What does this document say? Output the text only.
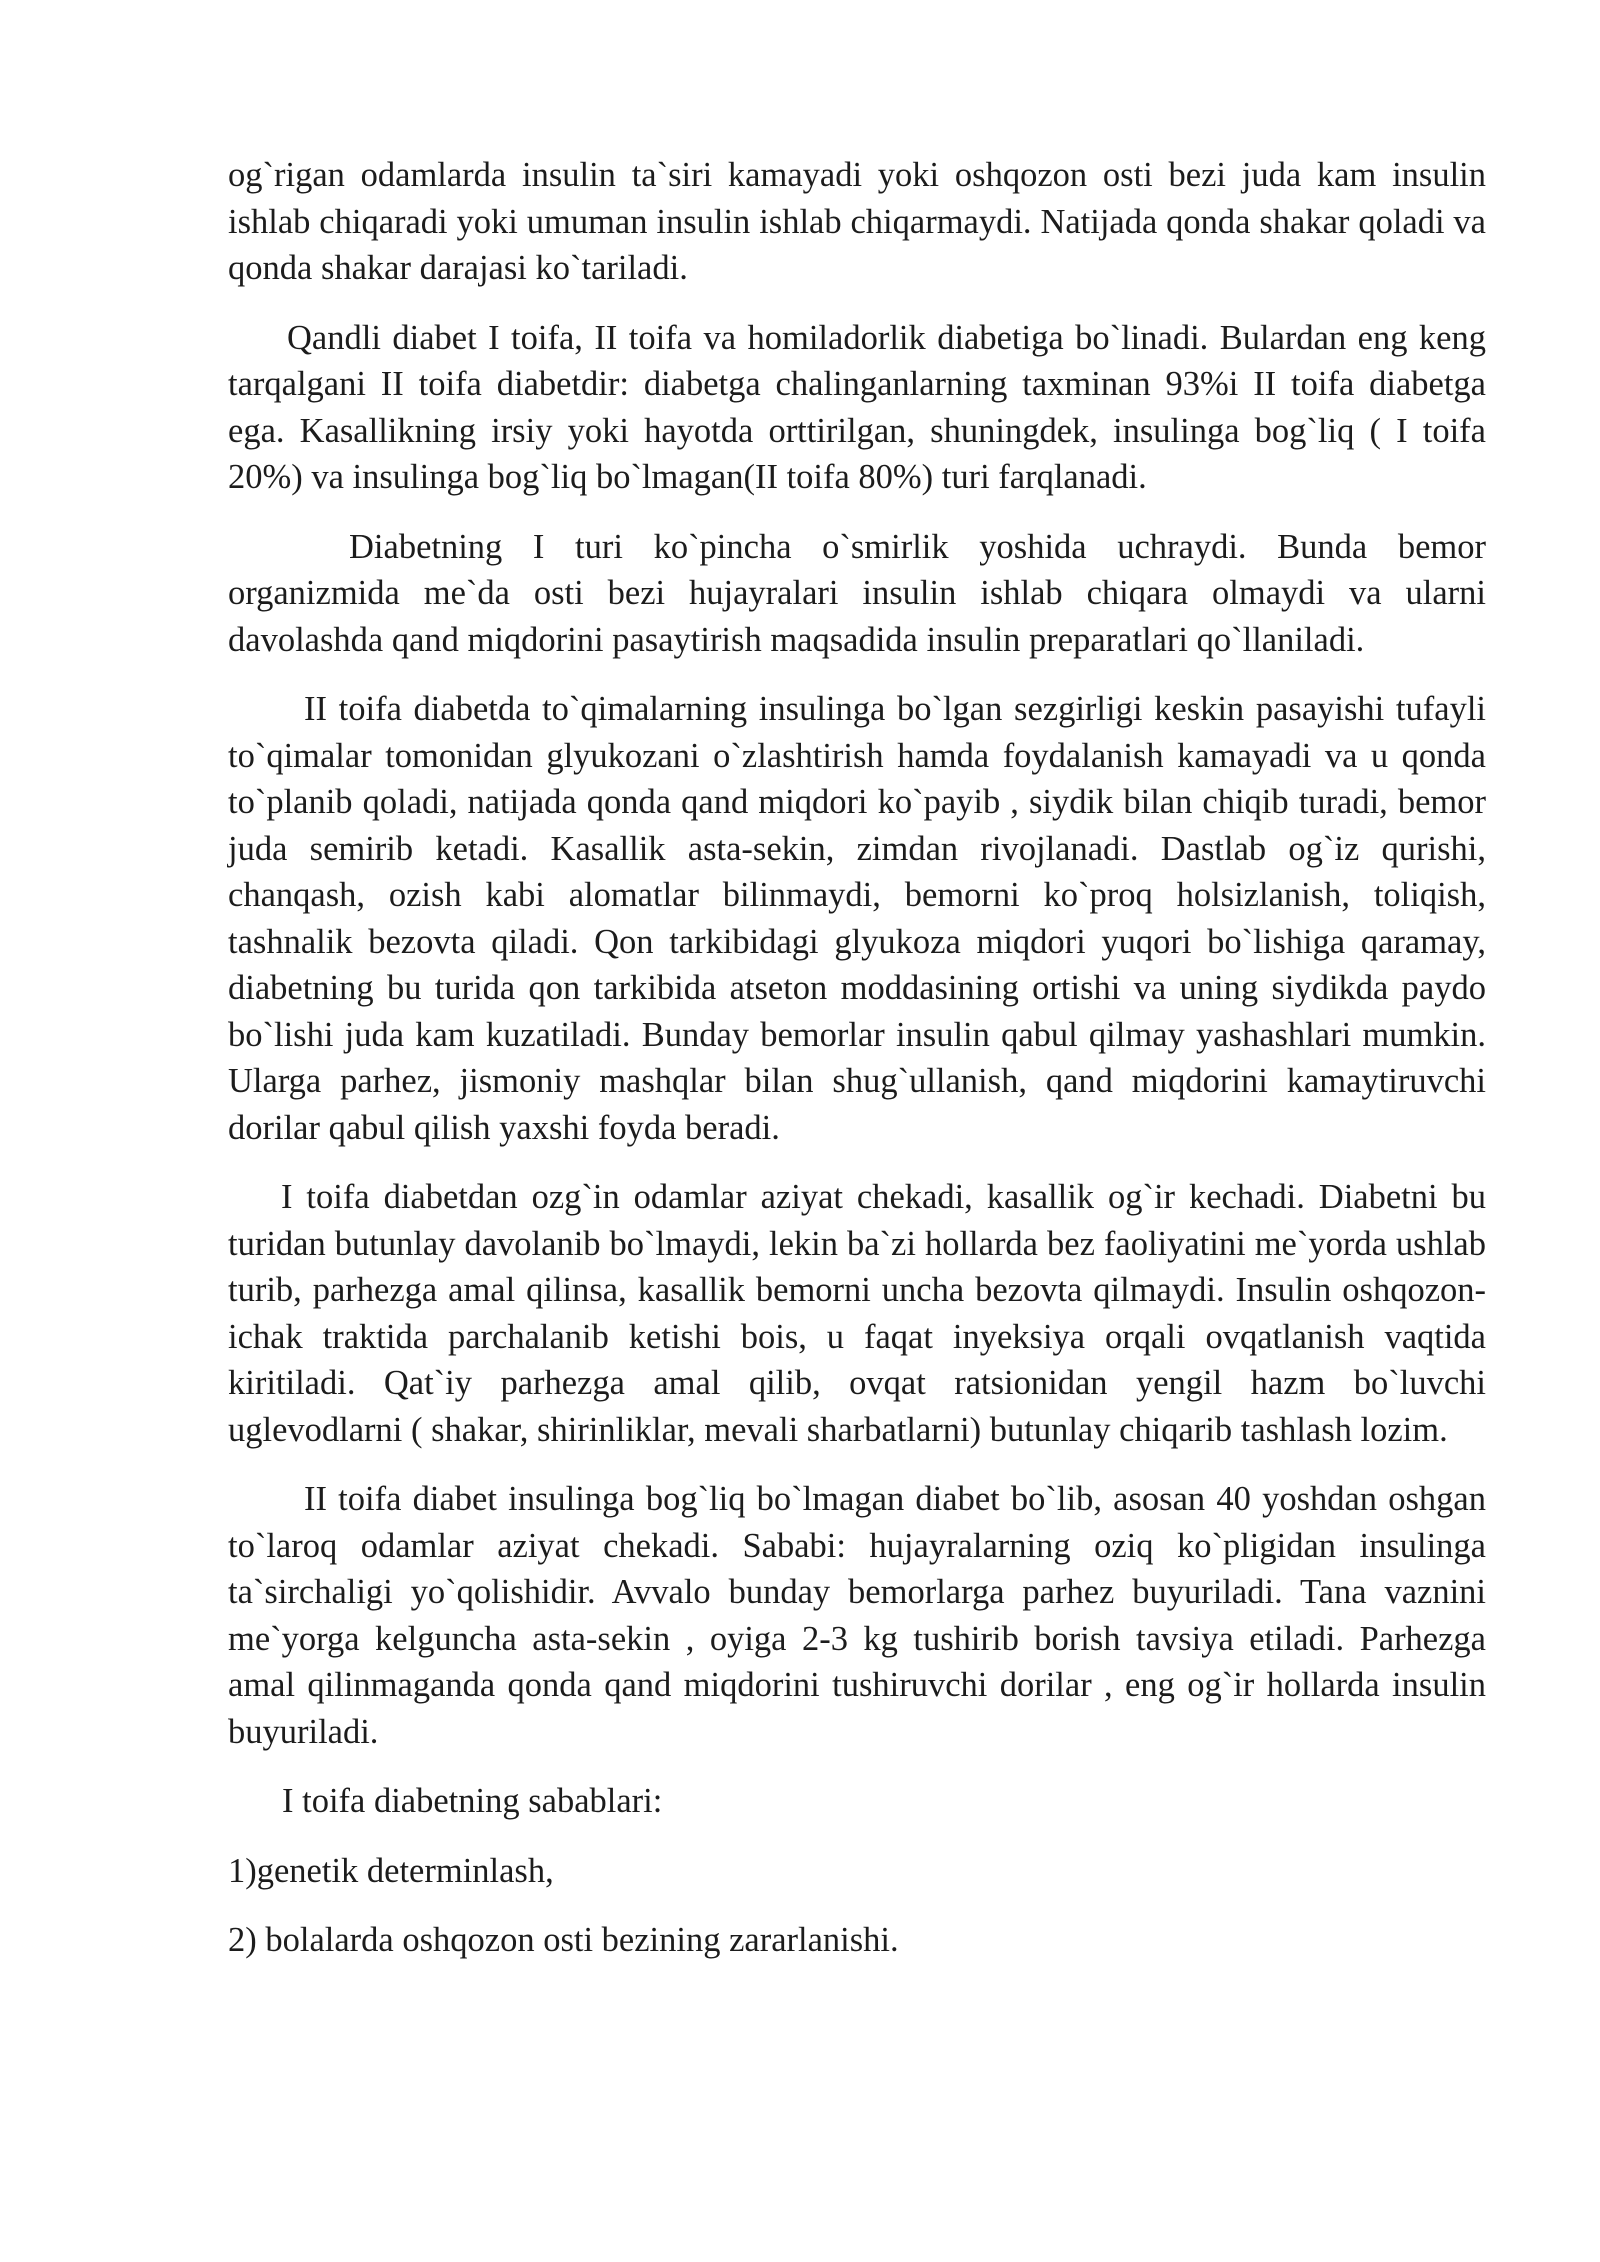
og`rigan odamlarda insulin ta`siri kamayadi yoki oshqozon osti bezi juda kam insulin ishlab chiqaradi yoki umuman insulin ishlab chiqarmaydi. Natijada qonda shakar qoladi va qonda shakar darajasi ko`tariladi.

Qandli diabet I toifa, II toifa va homiladorlik diabetiga bo`linadi. Bulardan eng keng tarqalgani II toifa diabetdir: diabetga chalinganlarning taxminan 93%i II toifa diabetga ega. Kasallikning irsiy yoki hayotda orttirilgan, shuningdek, insulinga bog`liq ( I toifa 20%) va insulinga bog`liq bo`lmagan(II toifa 80%) turi farqlanadi.

Diabetning I turi ko`pincha o`smirlik yoshida uchraydi. Bunda bemor organizmida me`da osti bezi hujayralari insulin ishlab chiqara olmaydi va ularni davolashda qand miqdorini pasaytirish maqsadida insulin preparatlari qo`llaniladi.

II toifa diabetda to`qimalarning insulinga bo`lgan sezgirligi keskin pasayishi tufayli to`qimalar tomonidan glyukozani o`zlashtirish hamda foydalanish kamayadi va u qonda to`planib qoladi, natijada qonda qand miqdori ko`payib , siydik bilan chiqib turadi, bemor juda semirib ketadi. Kasallik asta-sekin, zimdan rivojlanadi. Dastlab og`iz qurishi, chanqash, ozish kabi alomatlar bilinmaydi, bemorni ko`proq holsizlanish, toliqish, tashnalik bezovta qiladi. Qon tarkibidagi glyukoza miqdori yuqori bo`lishiga qaramay, diabetning bu turida qon tarkibida atseton moddasining ortishi va uning siydikda paydo bo`lishi juda kam kuzatiladi. Bunday bemorlar insulin qabul qilmay yashashlari mumkin. Ularga parhez, jismoniy mashqlar bilan shug`ullanish, qand miqdorini kamaytiruvchi dorilar qabul qilish yaxshi foyda beradi.

I toifa diabetdan ozg`in odamlar aziyat chekadi, kasallik og`ir kechadi. Diabetni bu turidan butunlay davolanib bo`lmaydi, lekin ba`zi hollarda bez faoliyatini me`yorda ushlab turib, parhezga amal qilinsa, kasallik bemorni uncha bezovta qilmaydi. Insulin oshqozon-ichak traktida parchalanib ketishi bois, u faqat inyeksiya orqali ovqatlanish vaqtida kiritiladi. Qat`iy parhezga amal qilib, ovqat ratsionidan yengil hazm bo`luvchi uglevodlarni ( shakar, shirinliklar, mevali sharbatlarni) butunlay chiqarib tashlash lozim.

II toifa diabet insulinga bog`liq bo`lmagan diabet bo`lib, asosan 40 yoshdan oshgan to`laroq odamlar aziyat chekadi. Sababi: hujayralarning oziq ko`pligidan insulinga ta`sirchaligi yo`qolishidir. Avvalo bunday bemorlarga parhez buyuriladi. Tana vaznini me`yorga kelguncha asta-sekin , oyiga 2-3 kg tushirib borish tavsiya etiladi. Parhezga amal qilinmaganda qonda qand miqdorini tushiruvchi dorilar , eng og`ir hollarda insulin buyuriladi.

I toifa diabetning sabablari:

1)genetik determinlash,

2) bolalarda oshqozon osti bezining zararlanishi.
